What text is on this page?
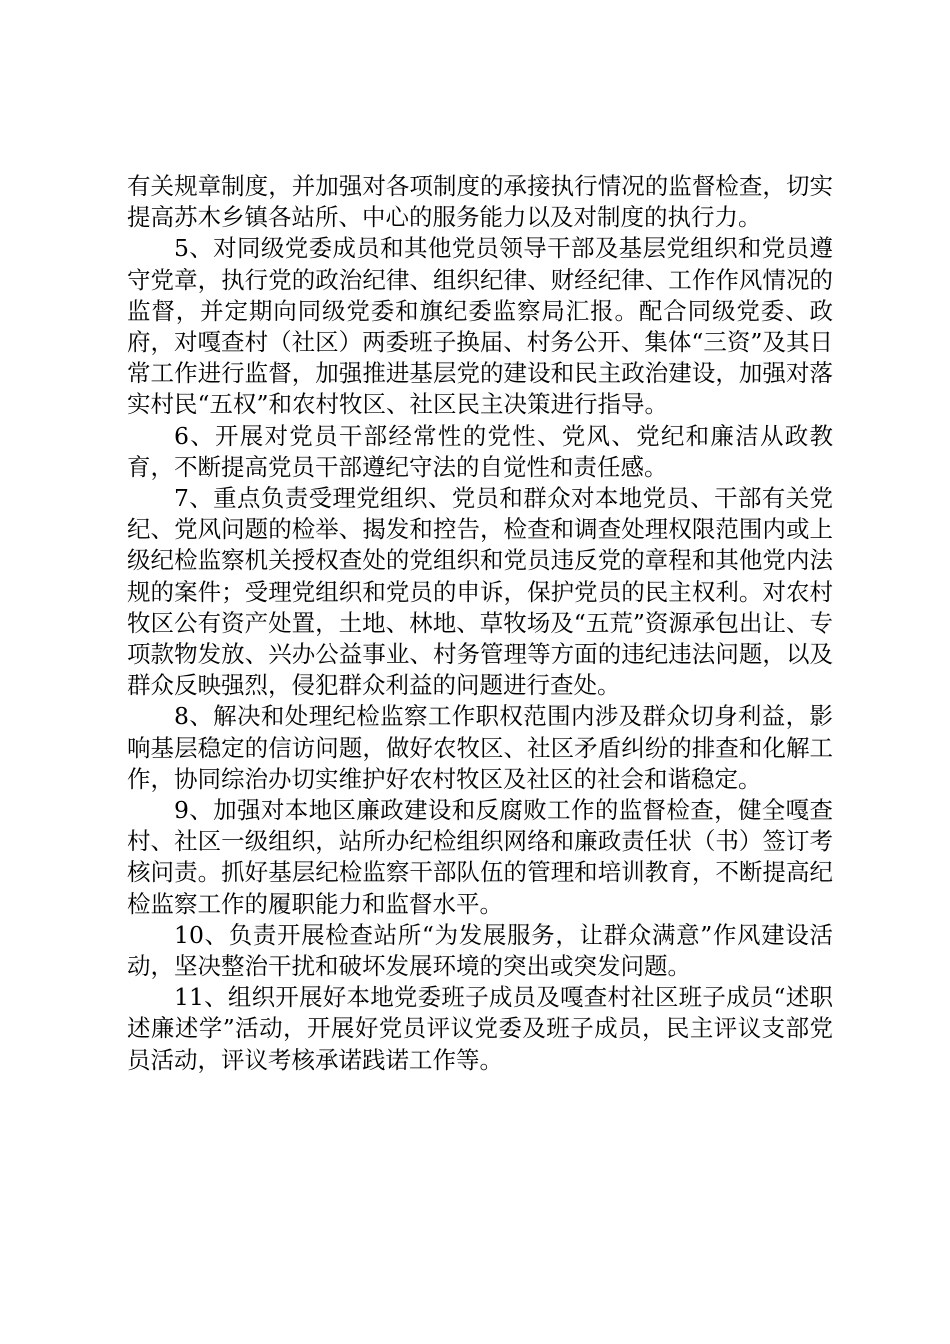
有关规章制度，并加强对各项制度的承接执行情况的监督检查，切实提高苏木乡镇各站所、中心的服务能力以及对制度的执行力。

5、对同级党委成员和其他党员领导干部及基层党组织和党员遵守党章，执行党的政治纪律、组织纪律、财经纪律、工作作风情况的监督，并定期向同级党委和旗纪委监察局汇报。配合同级党委、政府，对嘎查村（社区）两委班子换届、村务公开、集体“三资”及其日常工作进行监督，加强推进基层党的建设和民主政治建设，加强对落实村民“五权”和农村牧区、社区民主决策进行指导。

6、开展对党员干部经常性的党性、党风、党纪和廉洁从政教育，不断提高党员干部遵纪守法的自觉性和责任感。

7、重点负责受理党组织、党员和群众对本地党员、干部有关党纪、党风问题的检举、揭发和控告，检查和调查处理权限范围内或上级纪检监察机关授权查处的党组织和党员违反党的章程和其他党内法规的案件；受理党组织和党员的申诉，保护党员的民主权利。对农村牧区公有资产处置，土地、林地、草牧场及“五荒”资源承包出让、专项款物发放、兴办公益事业、村务管理等方面的违纪违法问题，以及群众反映强烈，侵犯群众利益的问题进行查处。

8、解决和处理纪检监察工作职权范围内涉及群众切身利益，影响基层稳定的信访问题，做好农牧区、社区矛盾纠纷的排查和化解工作，协同综治办切实维护好农村牧区及社区的社会和谐稳定。

9、加强对本地区廉政建设和反腐败工作的监督检查，健全嘎查村、社区一级组织，站所办纪检组织网络和廉政责任状（书）签订考核问责。抓好基层纪检监察干部队伍的管理和培训教育，不断提高纪检监察工作的履职能力和监督水平。

10、负责开展检查站所“为发展服务，让群众满意”作风建设活动，坚决整治干扰和破坏发展环境的突出或突发问题。

11、组织开展好本地党委班子成员及嘎查村社区班子成员“述职述廉述学”活动，开展好党员评议党委及班子成员，民主评议支部党员活动，评议考核承诺践诺工作等。
